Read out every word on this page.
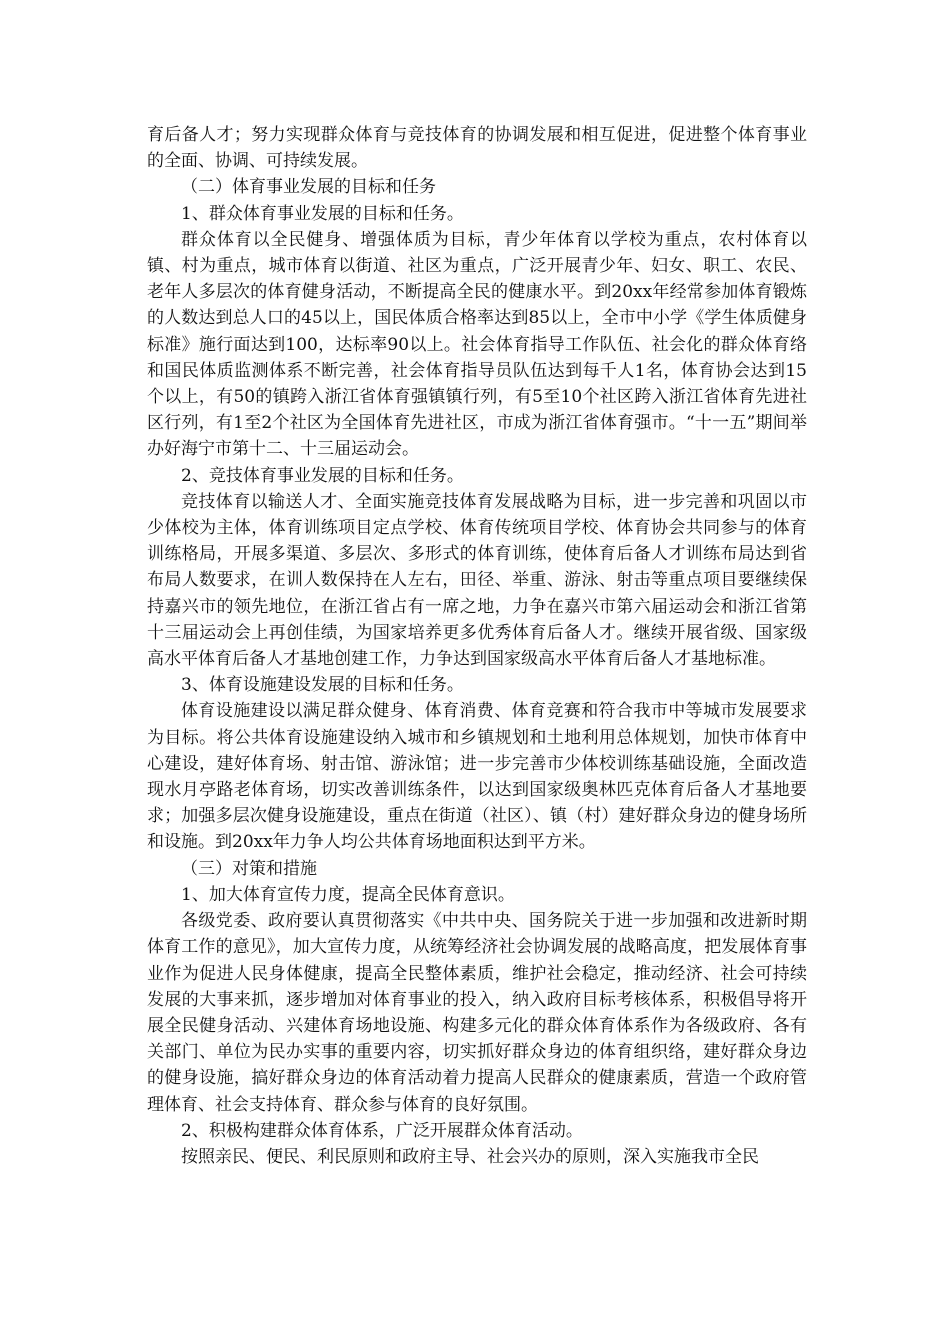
育后备人才；努力实现群众体育与竞技体育的协调发展和相互促进，促进整个体育事业的全面、协调、可持续发展。

（二）体育事业发展的目标和任务

1、群众体育事业发展的目标和任务。

群众体育以全民健身、增强体质为目标，青少年体育以学校为重点，农村体育以镇、村为重点，城市体育以街道、社区为重点，广泛开展青少年、妇女、职工、农民、老年人多层次的体育健身活动，不断提高全民的健康水平。到20xx年经常参加体育锻炼的人数达到总人口的45以上，国民体质合格率达到85以上，全市中小学《学生体质健身标准》施行面达到100，达标率90以上。社会体育指导工作队伍、社会化的群众体育络和国民体质监测体系不断完善，社会体育指导员队伍达到每千人1名，体育协会达到15个以上，有50的镇跨入浙江省体育强镇镇行列，有5至10个社区跨入浙江省体育先进社区行列，有1至2个社区为全国体育先进社区，市成为浙江省体育强市。“十一五”期间举办好海宁市第十二、十三届运动会。

2、竞技体育事业发展的目标和任务。

竞技体育以输送人才、全面实施竞技体育发展战略为目标，进一步完善和巩固以市少体校为主体，体育训练项目定点学校、体育传统项目学校、体育协会共同参与的体育训练格局，开展多渠道、多层次、多形式的体育训练，使体育后备人才训练布局达到省布局人数要求，在训人数保持在人左右，田径、举重、游泳、射击等重点项目要继续保持嘉兴市的领先地位，在浙江省占有一席之地，力争在嘉兴市第六届运动会和浙江省第十三届运动会上再创佳绩，为国家培养更多优秀体育后备人才。继续开展省级、国家级高水平体育后备人才基地创建工作，力争达到国家级高水平体育后备人才基地标准。

3、体育设施建设发展的目标和任务。

体育设施建设以满足群众健身、体育消费、体育竞赛和符合我市中等城市发展要求为目标。将公共体育设施建设纳入城市和乡镇规划和土地利用总体规划，加快市体育中心建设，建好体育场、射击馆、游泳馆；进一步完善市少体校训练基础设施，全面改造现水月亭路老体育场，切实改善训练条件，以达到国家级奥林匹克体育后备人才基地要求；加强多层次健身设施建设，重点在街道（社区）、镇（村）建好群众身边的健身场所和设施。到20xx年力争人均公共体育场地面积达到平方米。

（三）对策和措施

1、加大体育宣传力度，提高全民体育意识。

各级党委、政府要认真贯彻落实《中共中央、国务院关于进一步加强和改进新时期体育工作的意见》，加大宣传力度，从统筹经济社会协调发展的战略高度，把发展体育事业作为促进人民身体健康，提高全民整体素质，维护社会稳定，推动经济、社会可持续发展的大事来抓，逐步增加对体育事业的投入，纳入政府目标考核体系，积极倡导将开展全民健身活动、兴建体育场地设施、构建多元化的群众体育体系作为各级政府、各有关部门、单位为民办实事的重要内容，切实抓好群众身边的体育组织络，建好群众身边的健身设施，搞好群众身边的体育活动着力提高人民群众的健康素质，营造一个政府管理体育、社会支持体育、群众参与体育的良好氛围。

2、积极构建群众体育体系，广泛开展群众体育活动。

按照亲民、便民、利民原则和政府主导、社会兴办的原则，深入实施我市全民
